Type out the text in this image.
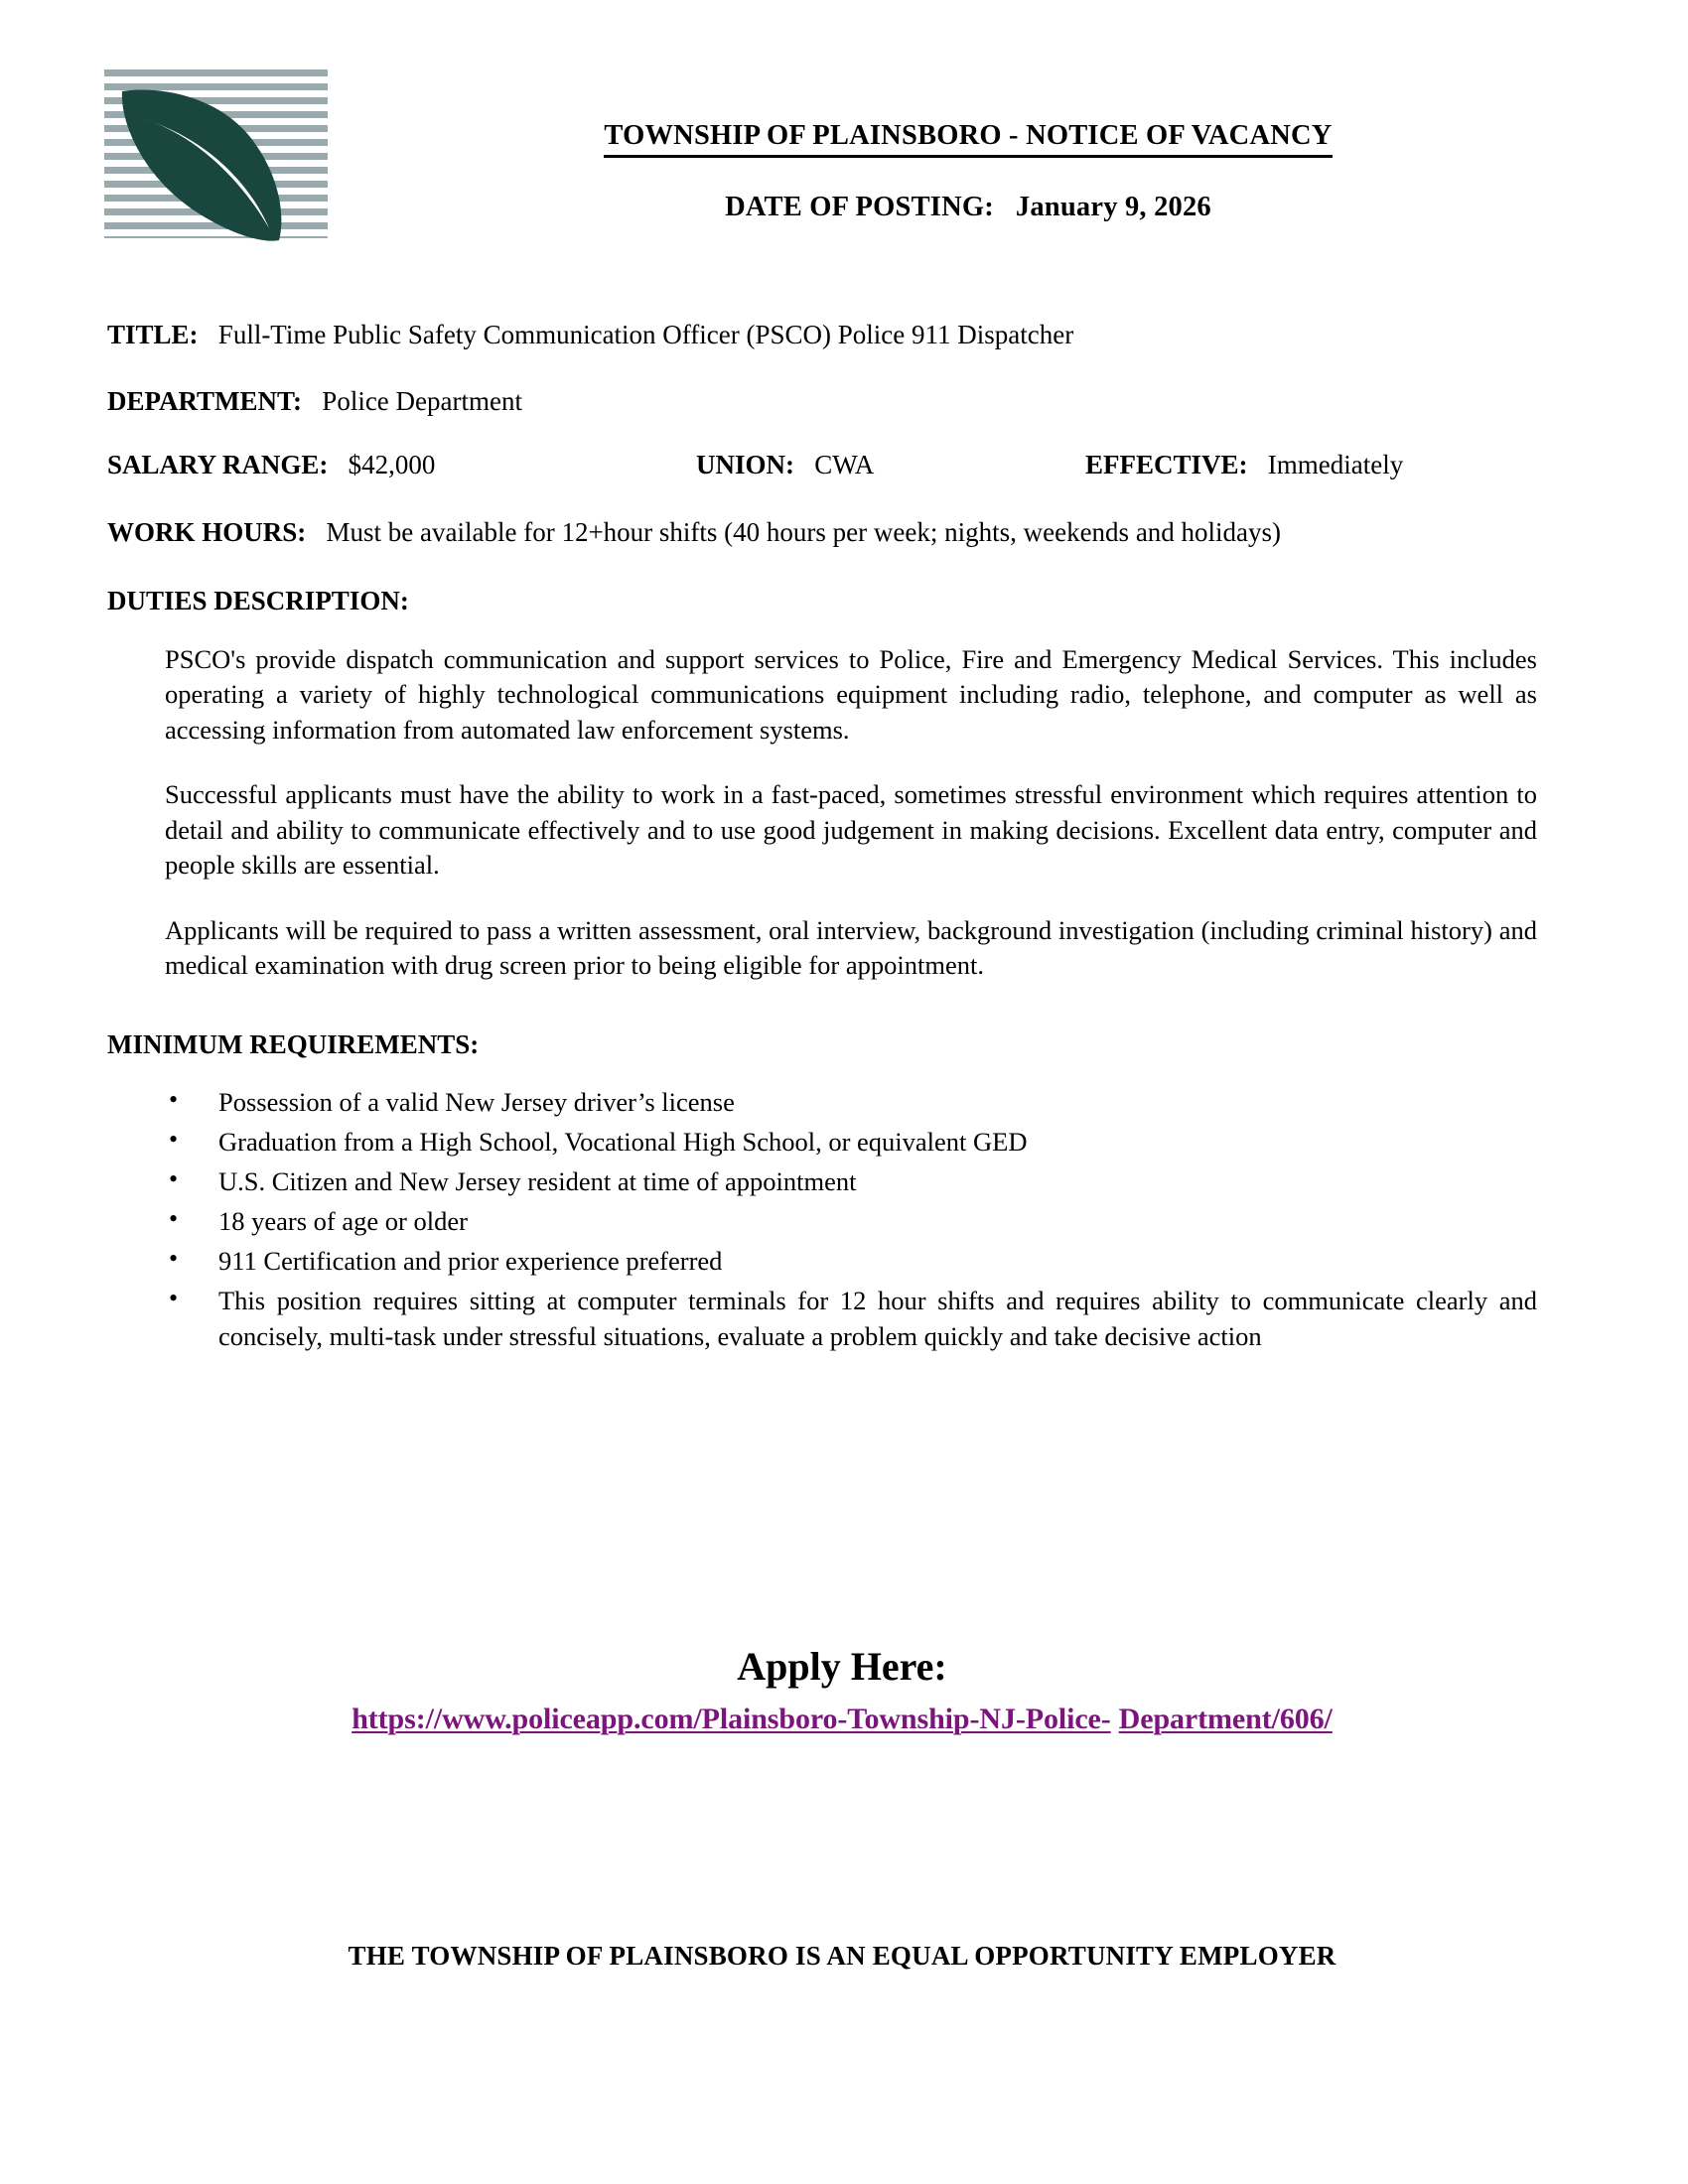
TOWNSHIP OF PLAINSBORO - NOTICE OF VACANCY
DATE OF POSTING: January 9, 2026
TITLE: Full-Time Public Safety Communication Officer (PSCO) Police 911 Dispatcher
DEPARTMENT: Police Department
SALARY RANGE: $42,000	UNION: CWA	EFFECTIVE: Immediately
WORK HOURS: Must be available for 12+hour shifts (40 hours per week; nights, weekends and holidays)
DUTIES DESCRIPTION:

PSCO's provide dispatch communication and support services to Police, Fire and Emergency Medical Services. This includes operating a variety of highly technological communications equipment including radio, telephone, and computer as well as accessing information from automated law enforcement systems.

Successful applicants must have the ability to work in a fast-paced, sometimes stressful environment which requires attention to detail and ability to communicate effectively and to use good judgement in making decisions. Excellent data entry, computer and people skills are essential.

Applicants will be required to pass a written assessment, oral interview, background investigation (including criminal history) and medical examination with drug screen prior to being eligible for appointment.

MINIMUM REQUIREMENTS:
• Possession of a valid New Jersey driver’s license
• Graduation from a High School, Vocational High School, or equivalent GED
• U.S. Citizen and New Jersey resident at time of appointment
• 18 years of age or older
• 911 Certification and prior experience preferred
• This position requires sitting at computer terminals for 12 hour shifts and requires ability to communicate clearly and concisely, multi-task under stressful situations, evaluate a problem quickly and take decisive action
Apply Here:
https://www.policeapp.com/Plainsboro-Township-NJ-Police- Department/606/
THE TOWNSHIP OF PLAINSBORO IS AN EQUAL OPPORTUNITY EMPLOYER
